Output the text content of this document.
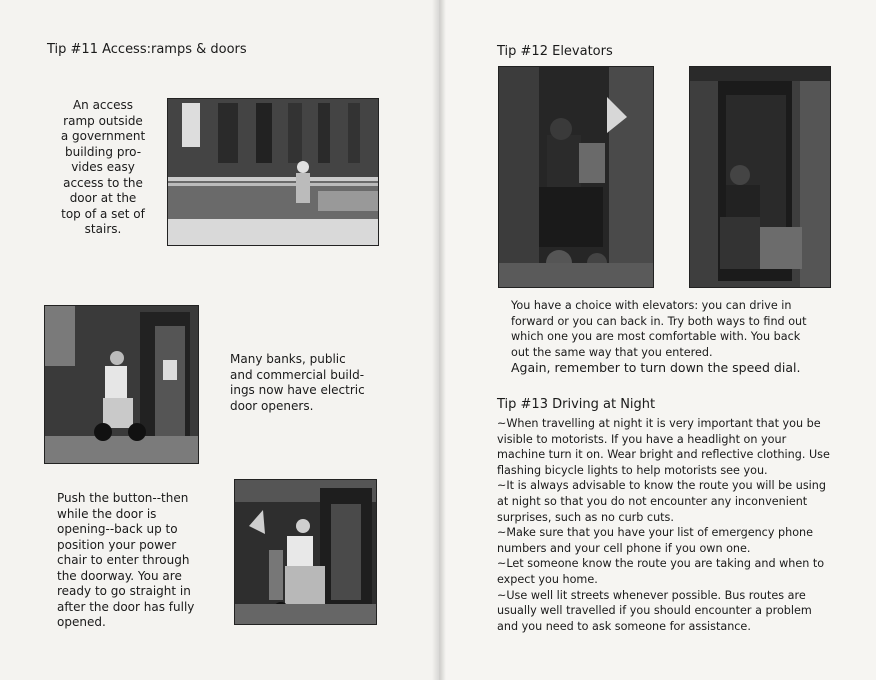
Tip #11 Access:ramps & doors
An access ramp outside a government building pro-vides easy access to the door at the top of a set of stairs.
Many banks, public and commercial build-ings now have electric door openers.
Push the button--then while the door is opening--back up to position your power chair to enter through the doorway. You are ready to go straight in after the door has fully opened.
Tip #12 Elevators

You have a choice with elevators: you can drive in forward or you can back in. Try both ways to find out which one you are most comfortable with. You back out the same way that you entered.

Again, remember to turn down the speed dial.

Tip #13 Driving at Night

~When travelling at night it is very important that you be visible to motorists. If you have a headlight on your machine turn it on. Wear bright and reflective clothing. Use flashing bicycle lights to help motorists see you.

~It is always advisable to know the route you will be using at night so that you do not encounter any inconvenient surprises, such as no curb cuts.

~Make sure that you have your list of emergency phone numbers and your cell phone if you own one.

~Let someone know the route you are taking and when to expect you home.

~Use well lit streets whenever possible. Bus routes are usually well travelled if you should encounter a problem and you need to ask someone for assistance.
